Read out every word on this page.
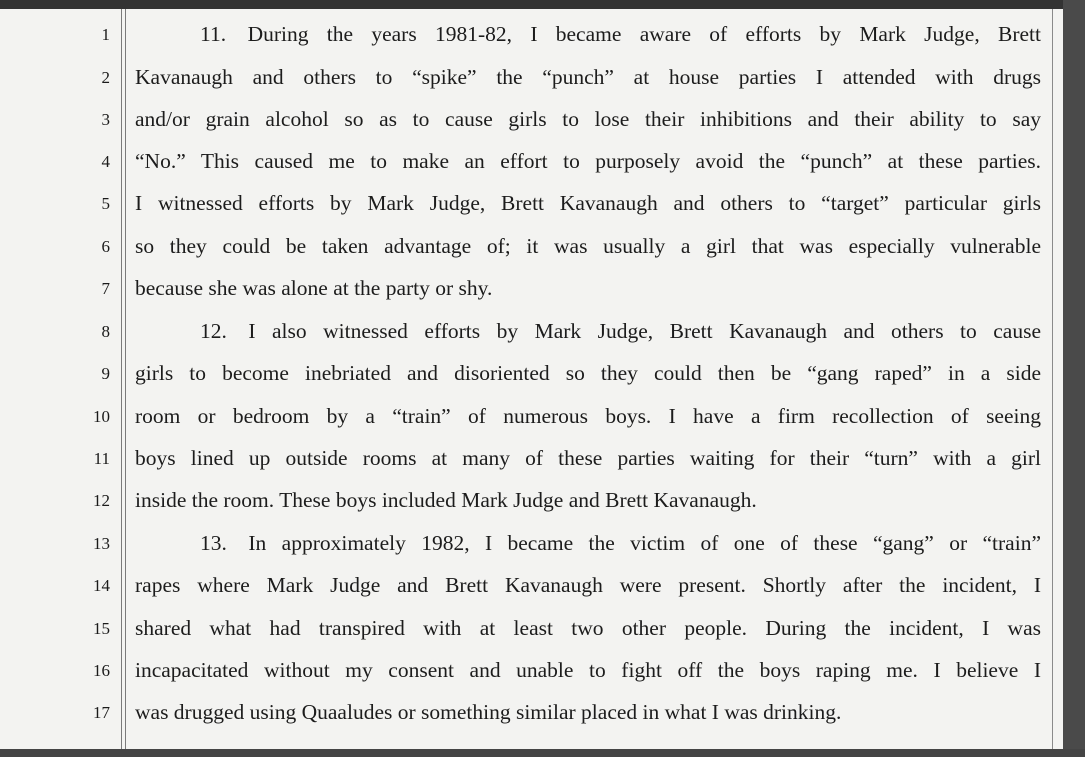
1
2
3
4
5
6
7
8
9
10
11
12
13
14
15
16
17
11. During the years 1981-82, I became aware of efforts by Mark Judge, Brett
Kavanaugh and others to “spike” the “punch” at house parties I attended with drugs
and/or grain alcohol so as to cause girls to lose their inhibitions and their ability to say
“No.” This caused me to make an effort to purposely avoid the “punch” at these parties.
I witnessed efforts by Mark Judge, Brett Kavanaugh and others to “target” particular girls
so they could be taken advantage of; it was usually a girl that was especially vulnerable
because she was alone at the party or shy.
12. I also witnessed efforts by Mark Judge, Brett Kavanaugh and others to cause
girls to become inebriated and disoriented so they could then be “gang raped” in a side
room or bedroom by a “train” of numerous boys. I have a firm recollection of seeing
boys lined up outside rooms at many of these parties waiting for their “turn” with a girl
inside the room. These boys included Mark Judge and Brett Kavanaugh.
13. In approximately 1982, I became the victim of one of these “gang” or “train”
rapes where Mark Judge and Brett Kavanaugh were present. Shortly after the incident, I
shared what had transpired with at least two other people. During the incident, I was
incapacitated without my consent and unable to fight off the boys raping me. I believe I
was drugged using Quaaludes or something similar placed in what I was drinking.
